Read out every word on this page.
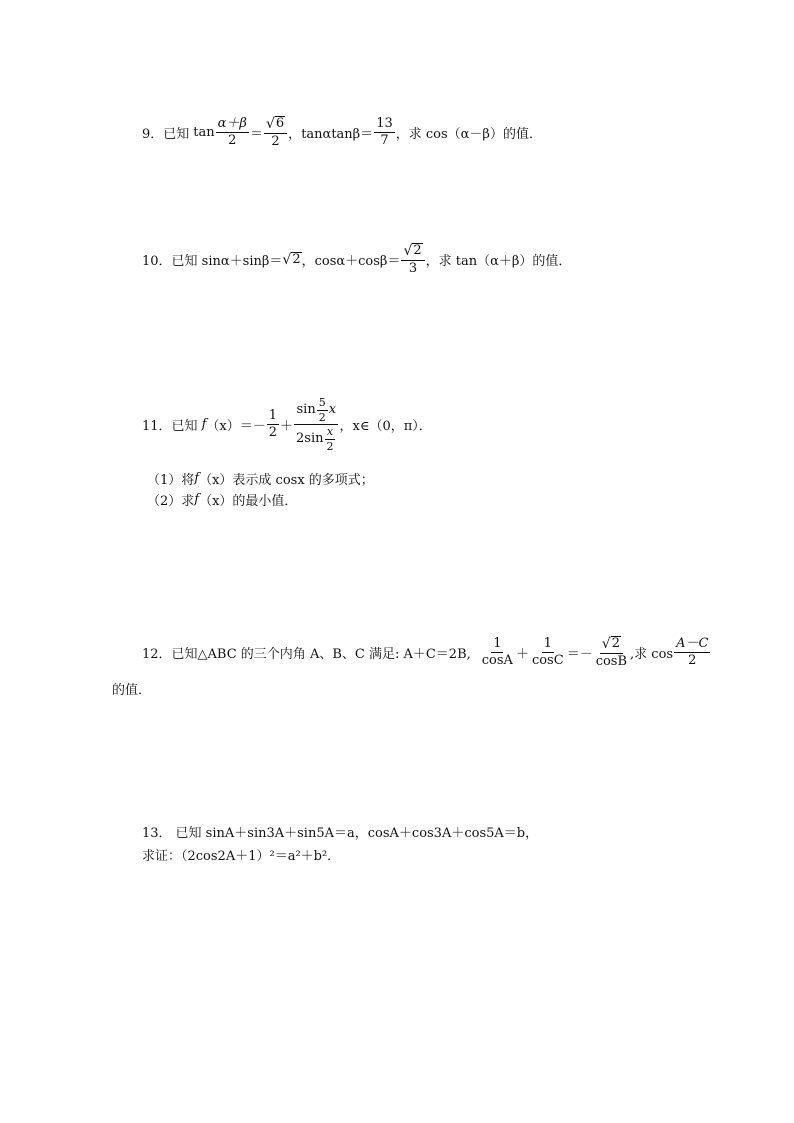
9． 已知 $\tan \frac{\alpha+\beta}{2} = \frac{√ 6}{2}$ ， $\tan\alpha\tan\beta= \frac{13}{7}$ ，求 cos（α－β）的值．
10． 已知 sinα＋sinβ＝ √ 2 ，$\cos\alpha+\cos\beta= \frac{√ 2}{3}$ ，求 tan（α＋β）的值．
11． 已知 f $(x)=- \frac{1}{2} + \frac{\sin \frac{5}{2} x}{2\sin \frac{x}{2}}$ ，x∈（0，π）．
（1）将 f （x）表示成 cosx 的多项式；
（2）求 f （x）的最小值．
12． 已知△ABC 的三个内角 A、B、C 满足: A＋C＝2B, $\frac{1}{\cos A} + \frac{1}{\cos C} =- \frac{√ 2}{\cos B}$ ,求 $\cos \frac{A-C}{2}$
的值．
13． 已知 sinA＋sin3A＋sin5A＝a，cosA＋cos3A＋cos5A＝b，
求证：（2cos2A＋1）²＝a²＋b²．
